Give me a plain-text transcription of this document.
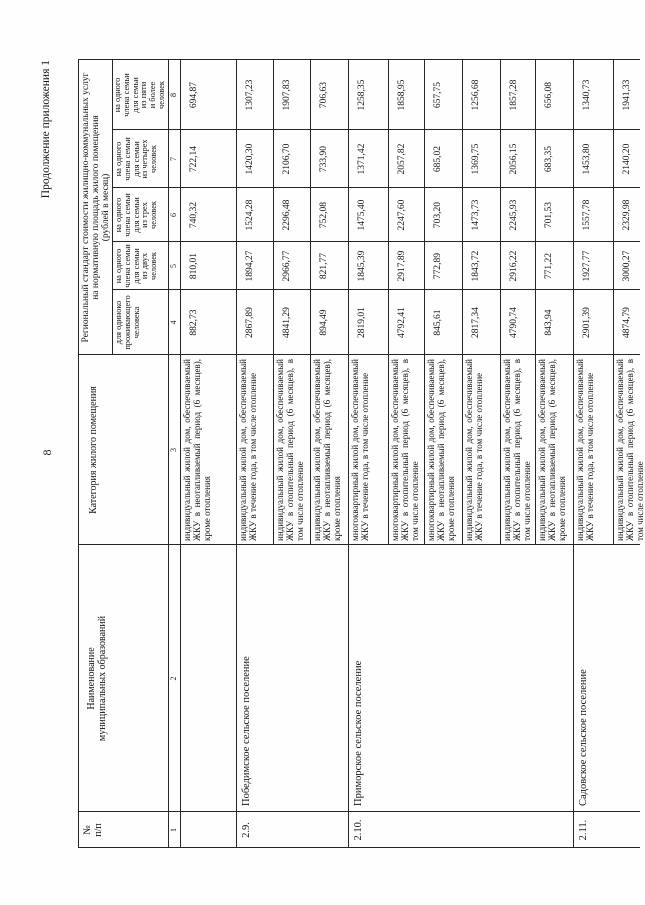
8
Продолжение приложения 1
№
п/п
Наименование
муниципальных образований
Категория жилого помещения
Региональный стандарт стоимости жилищно-коммунальных услуг
на нормативную площадь жилого помещения
(рублей в месяц)
для одиноко
проживающего
человека
на одного
члена семьи
для семьи
из двух
человек
на одного
члена семьи
для семьи
из трех
человек
на одного
члена семьи
для семьи
из четырех
человек
на одного
члена семьи
для семьи
из пяти
и более
человек
1
2
3
4
5
6
7
8
индивидуальный жилой дом, обеспечиваемый ЖКУ в неотапливаемый период (6 месяцев), кроме отопления
882,73
810,01
740,32
722,14
694,87
2.9.
Победимское сельское поселение
индивидуальный жилой дом, обеспечиваемый ЖКУ в течение года, в том числе отопление
2867,89
1894,27
1524,28
1420,30
1307,23
индивидуальный жилой дом, обеспечиваемый ЖКУ в отопительный период (6 месяцев), в том числе отопление
4841,29
2966,77
2296,48
2106,70
1907,83
индивидуальный жилой дом, обеспечиваемый ЖКУ в неотапливаемый период (6 месяцев), кроме отопления
894,49
821,77
752,08
733,90
706,63
2.10.
Приморское сельское поселение
многоквартирный жилой дом, обеспечиваемый ЖКУ в течение года, в том числе отопление
2819,01
1845,39
1475,40
1371,42
1258,35
многоквартирный жилой дом, обеспечиваемый ЖКУ в отопительный период (6 месяцев), в том числе отопление
4792,41
2917,89
2247,60
2057,82
1858,95
многоквартирный жилой дом, обеспечиваемый ЖКУ в неотапливаемый период (6 месяцев), кроме отопления
845,61
772,89
703,20
685,02
657,75
индивидуальный жилой дом, обеспечиваемый ЖКУ в течение года, в том числе отопление
2817,34
1843,72
1473,73
1369,75
1256,68
индивидуальный жилой дом, обеспечиваемый ЖКУ в отопительный период (6 месяцев), в том числе отопление
4790,74
2916,22
2245,93
2056,15
1857,28
индивидуальный жилой дом, обеспечиваемый ЖКУ в неотапливаемый период (6 месяцев), кроме отопления
843,94
771,22
701,53
683,35
656,08
2.11.
Садовское сельское поселение
индивидуальный жилой дом, обеспечиваемый ЖКУ в течение года, в том числе отопление
2901,39
1927,77
1557,78
1453,80
1340,73
индивидуальный жилой дом, обеспечиваемый ЖКУ в отопительный период (6 месяцев), в том числе отопление
4874,79
3000,27
2329,98
2140,20
1941,33
